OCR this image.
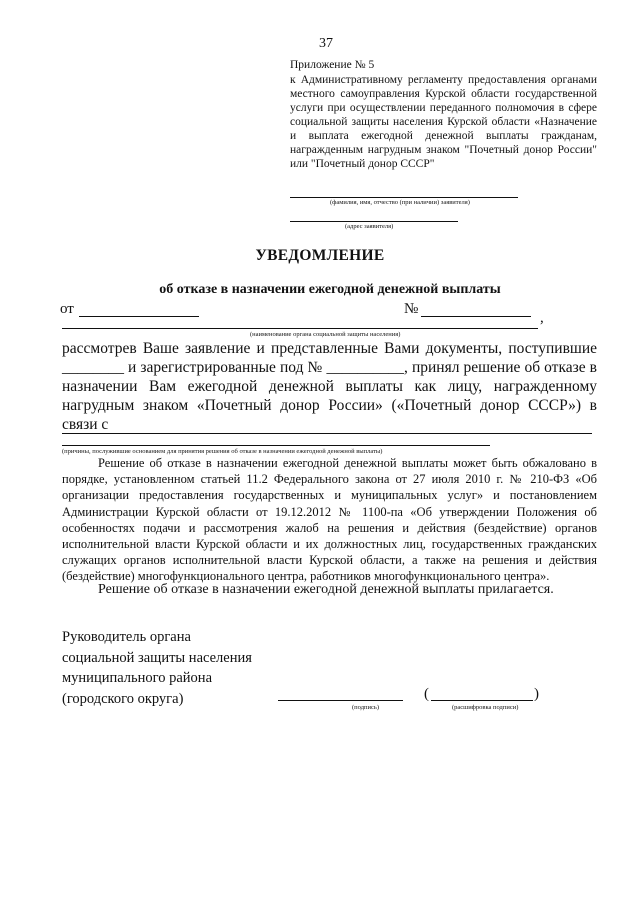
37
Приложение № 5
к Административному регламенту предоставления органами местного самоуправления Курской области государственной услуги при осуществлении переданного полномочия в сфере социальной защиты населения Курской области «Назначение и выплата ежегодной денежной выплаты гражданам, награжденным нагрудным знаком "Почетный донор России" или "Почетный донор СССР"
(фамилия, имя, отчество (при наличии) заявителя)
(адрес заявителя)
УВЕДОМЛЕНИЕ
об отказе в назначении ежегодной денежной выплаты
от	№
,
(наименование органа социальной защиты населения)
рассмотрев Ваше заявление и представленные Вами документы, поступившие ________ и зарегистрированные под № __________, принял решение об отказе в назначении Вам ежегодной денежной выплаты как лицу, награжденному нагрудным знаком «Почетный донор России» («Почетный донор СССР») в связи с
(причины, послужившие основанием для принятия решения об отказе в назначении ежегодной денежной выплаты)
Решение об отказе в назначении ежегодной денежной выплаты может быть обжаловано в порядке, установленном статьей 11.2 Федерального закона от 27 июля 2010 г. № 210-ФЗ «Об организации предоставления государственных и муниципальных услуг» и постановлением Администрации Курской области от 19.12.2012 № 1100-па «Об утверждении Положения об особенностях подачи и рассмотрения жалоб на решения и действия (бездействие) органов исполнительной власти Курской области и их должностных лиц, государственных гражданских служащих органов исполнительной власти Курской области, а также на решения и действия (бездействие) многофункционального центра, работников многофункционального центра».
Решение об отказе в назначении ежегодной денежной выплаты прилагается.
Руководитель органа
социальной защиты населения
муниципального района
(городского округа)
(подпись)
(	)
(расшифровка подписи)
